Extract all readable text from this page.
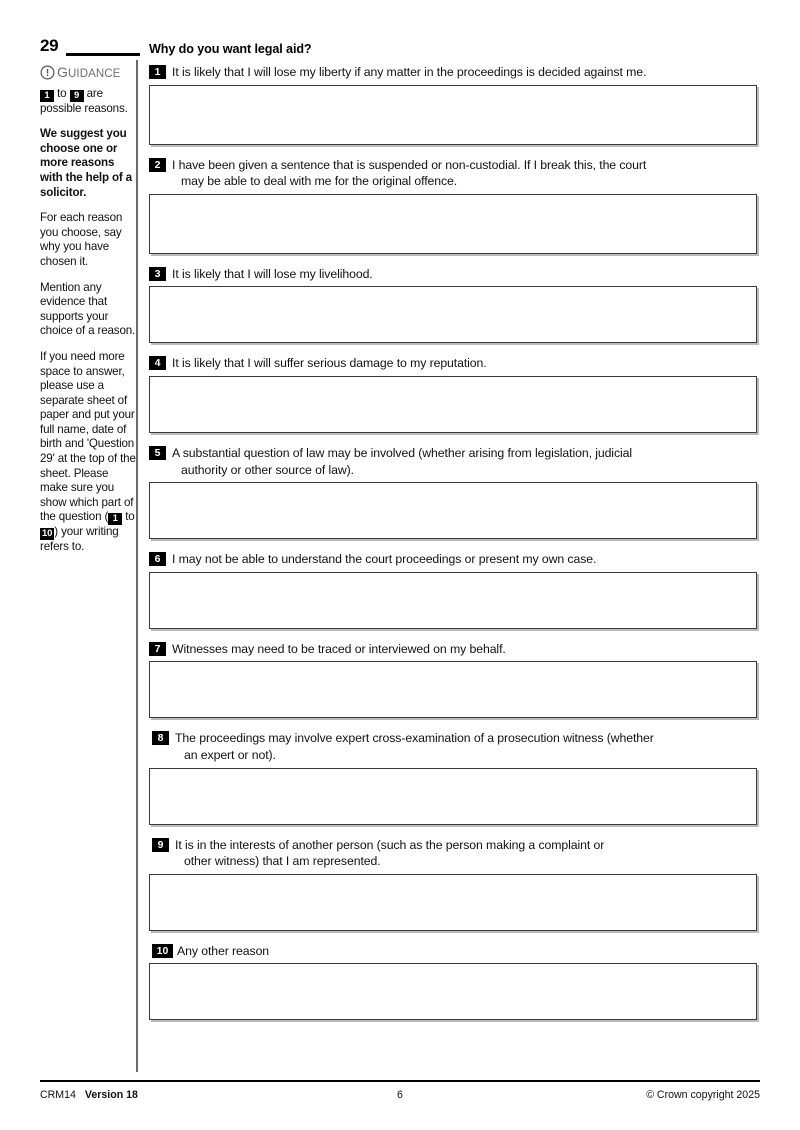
29
GUIDANCE

1 to 9 are possible reasons.

We suggest you choose one or more reasons with the help of a solicitor.

For each reason you choose, say why you have chosen it.

Mention any evidence that supports your choice of a reason.

If you need more space to answer, please use a separate sheet of paper and put your full name, date of birth and 'Question 29' at the top of the sheet. Please make sure you show which part of the question ( 1 to 10 ) your writing refers to.

Why do you want legal aid?
1 It is likely that I will lose my liberty if any matter in the proceedings is decided against me.
2 I have been given a sentence that is suspended or non-custodial. If I break this, the court
may be able to deal with me for the original offence.
3 It is likely that I will lose my livelihood.
4 It is likely that I will suffer serious damage to my reputation.
5 A substantial question of law may be involved (whether arising from legislation, judicial
authority or other source of law).
6 I may not be able to understand the court proceedings or present my own case.
7 Witnesses may need to be traced or interviewed on my behalf.
8 The proceedings may involve expert cross-examination of a prosecution witness (whether
an expert or not).
9 It is in the interests of another person (such as the person making a complaint or
other witness) that I am represented.
10 Any other reason
CRM14 Version 18	6	© Crown copyright 2025
